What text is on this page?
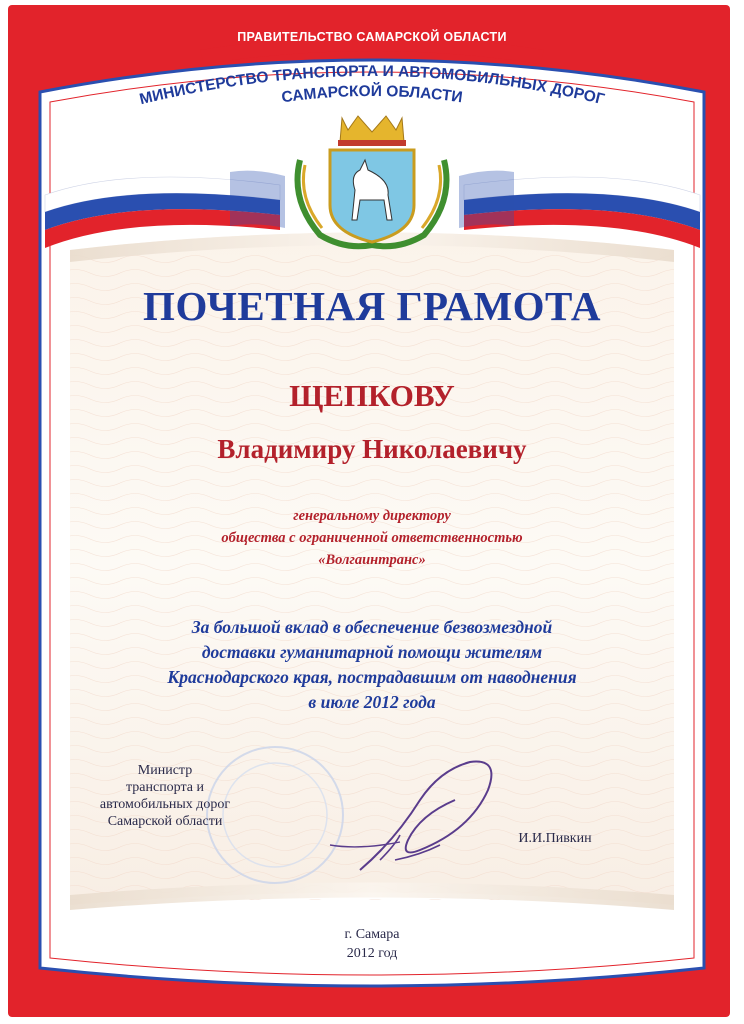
ПРАВИТЕЛЬСТВО САМАРСКОЙ ОБЛАСТИ
МИНИСТЕРСТВО ТРАНСПОРТА И АВТОМОБИЛЬНЫХ ДОРОГ
САМАРСКОЙ ОБЛАСТИ
ПОЧЕТНАЯ ГРАМОТА
ЩЕПКОВУ
Владимиру Николаевичу
генеральному директору
общества с ограниченной ответственностью
«Волгаинтранс»
За большой вклад в обеспечение безвозмездной
доставки гуманитарной помощи жителям
Краснодарского края, пострадавшим от наводнения
в июле 2012 года
Министр
транспорта и
автомобильных дорог
Самарской области
И.И.Пивкин
г. Самара
2012 год
